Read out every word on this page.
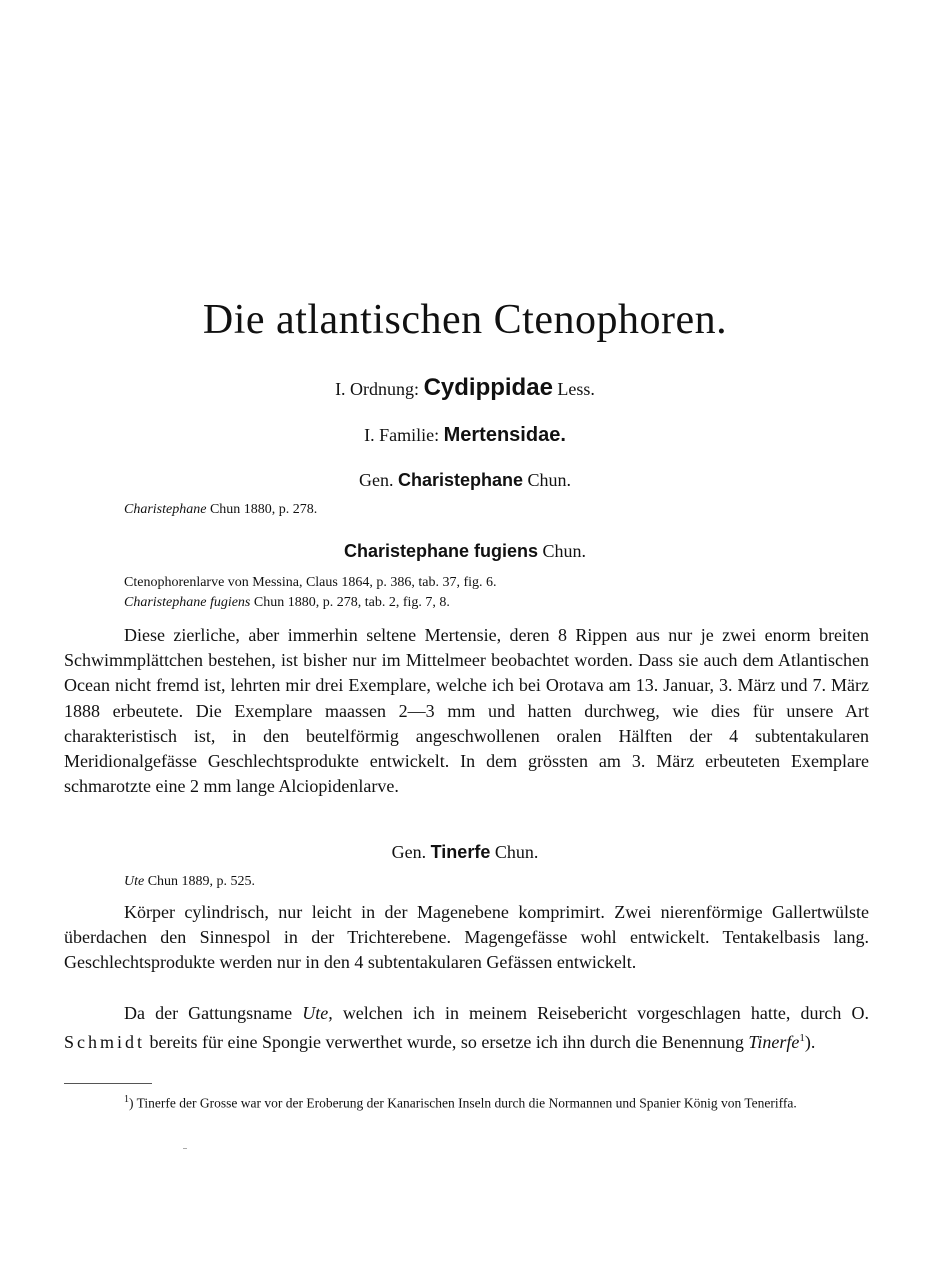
Die atlantischen Ctenophoren.
I. Ordnung: Cydippidae Less.
I. Familie: Mertensidae.
Gen. Charistephane Chun.
Charistephane Chun 1880, p. 278.
Charistephane fugiens Chun.
Ctenophorenlarve von Messina, Claus 1864, p. 386, tab. 37, fig. 6.
Charistephane fugiens Chun 1880, p. 278, tab. 2, fig. 7, 8.
Diese zierliche, aber immerhin seltene Mertensie, deren 8 Rippen aus nur je zwei enorm breiten Schwimmplättchen bestehen, ist bisher nur im Mittelmeer beobachtet worden. Dass sie auch dem Atlantischen Ocean nicht fremd ist, lehrten mir drei Exemplare, welche ich bei Orotava am 13. Januar, 3. März und 7. März 1888 erbeutete. Die Exemplare maassen 2—3 mm und hatten durchweg, wie dies für unsere Art charakteristisch ist, in den beutelförmig angeschwollenen oralen Hälften der 4 subtentakularen Meridionalgefässe Geschlechtsprodukte entwickelt. In dem grössten am 3. März erbeuteten Exemplare schmarotzte eine 2 mm lange Alciopidenlarve.
Gen. Tinerfe Chun.
Ute Chun 1889, p. 525.
Körper cylindrisch, nur leicht in der Magenebene komprimirt. Zwei nierenförmige Gallertwülste überdachen den Sinnespol in der Trichterebene. Magengefässe wohl entwickelt. Tentakelbasis lang. Geschlechtsprodukte werden nur in den 4 subtentakularen Gefässen entwickelt.
Da der Gattungsname Ute, welchen ich in meinem Reisebericht vorgeschlagen hatte, durch O. Schmidt bereits für eine Spongie verwerthet wurde, so ersetze ich ihn durch die Benennung Tinerfe$^1$).
$^1$) Tinerfe der Grosse war vor der Eroberung der Kanarischen Inseln durch die Normannen und Spanier König von Teneriffa.
